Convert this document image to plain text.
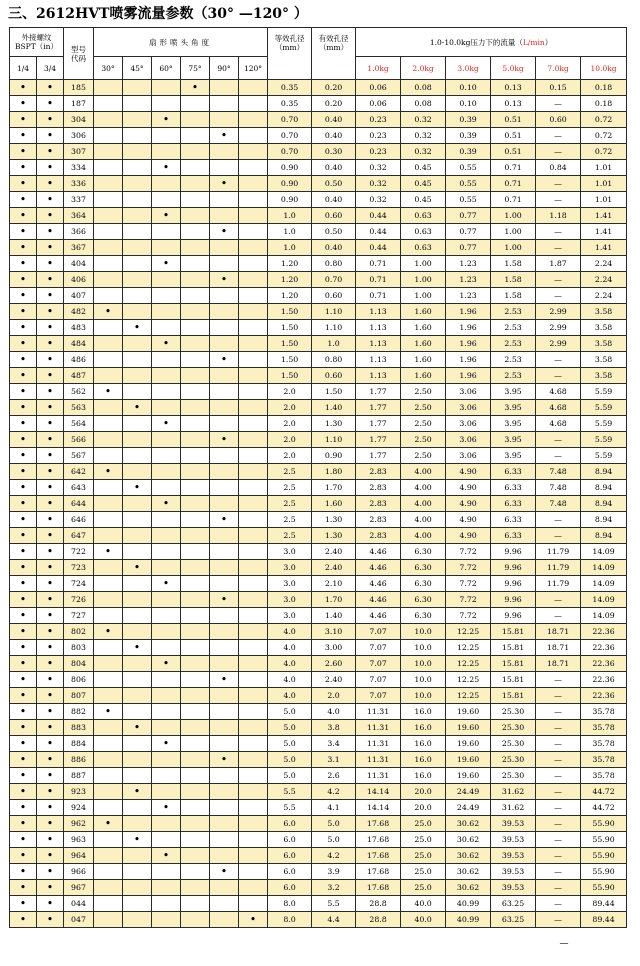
三、2612HVT喷雾流量参数（30° —120° ）
外接螺纹
BSPT（in）		型号
代码	扇形喷头角度						等效孔径
（mm）	有效孔径
（mm）	1.0-10.0kg压力下的流量（L/min）					
1/4	3/4		30°	45°	60°	75°	90°	120°			1.0kg	2.0kg	3.0kg	5.0kg	7.0kg	10.0kg
•	•	185				•			0.35	0.20	0.06	0.08	0.10	0.13	0.15	0.18
•	•	187							0.35	0.20	0.06	0.08	0.10	0.13	—	0.18
•	•	304			•				0.70	0.40	0.23	0.32	0.39	0.51	0.60	0.72
•	•	306					•		0.70	0.40	0.23	0.32	0.39	0.51	—	0.72
•	•	307							0.70	0.30	0.23	0.32	0.39	0.51	—	0.72
•	•	334			•				0.90	0.40	0.32	0.45	0.55	0.71	0.84	1.01
•	•	336					•		0.90	0.50	0.32	0.45	0.55	0.71	—	1.01
•	•	337							0.90	0.40	0.32	0.45	0.55	0.71	—	1.01
•	•	364			•				1.0	0.60	0.44	0.63	0.77	1.00	1.18	1.41
•	•	366					•		1.0	0.50	0.44	0.63	0.77	1.00	—	1.41
•	•	367							1.0	0.40	0.44	0.63	0.77	1.00	—	1.41
•	•	404			•				1.20	0.80	0.71	1.00	1.23	1.58	1.87	2.24
•	•	406					•		1.20	0.70	0.71	1.00	1.23	1.58	—	2.24
•	•	407							1.20	0.60	0.71	1.00	1.23	1.58	—	2.24
•	•	482	•						1.50	1.10	1.13	1.60	1.96	2.53	2.99	3.58
•	•	483		•					1.50	1.10	1.13	1.60	1.96	2.53	2.99	3.58
•	•	484			•				1.50	1.0	1.13	1.60	1.96	2.53	2.99	3.58
•	•	486					•		1.50	0.80	1.13	1.60	1.96	2.53	—	3.58
•	•	487							1.50	0.60	1.13	1.60	1.96	2.53	—	3.58
•	•	562	•						2.0	1.50	1.77	2.50	3.06	3.95	4.68	5.59
•	•	563		•					2.0	1.40	1.77	2.50	3.06	3.95	4.68	5.59
•	•	564			•				2.0	1.30	1.77	2.50	3.06	3.95	4.68	5.59
•	•	566					•		2.0	1.10	1.77	2.50	3.06	3.95	—	5.59
•	•	567							2.0	0.90	1.77	2.50	3.06	3.95	—	5.59
•	•	642	•						2.5	1.80	2.83	4.00	4.90	6.33	7.48	8.94
•	•	643		•					2.5	1.70	2.83	4.00	4.90	6.33	7.48	8.94
•	•	644			•				2.5	1.60	2.83	4.00	4.90	6.33	7.48	8.94
•	•	646					•		2.5	1.30	2.83	4.00	4.90	6.33	—	8.94
•	•	647							2.5	1.30	2.83	4.00	4.90	6.33	—	8.94
•	•	722	•						3.0	2.40	4.46	6.30	7.72	9.96	11.79	14.09
•	•	723		•					3.0	2.40	4.46	6.30	7.72	9.96	11.79	14.09
•	•	724			•				3.0	2.10	4.46	6.30	7.72	9.96	11.79	14.09
•	•	726					•		3.0	1.70	4.46	6.30	7.72	9.96	—	14.09
•	•	727							3.0	1.40	4.46	6.30	7.72	9.96	—	14.09
•	•	802	•						4.0	3.10	7.07	10.0	12.25	15.81	18.71	22.36
•	•	803		•					4.0	3.00	7.07	10.0	12.25	15.81	18.71	22.36
•	•	804			•				4.0	2.60	7.07	10.0	12.25	15.81	18.71	22.36
•	•	806					•		4.0	2.40	7.07	10.0	12.25	15.81	—	22.36
•	•	807							4.0	2.0	7.07	10.0	12.25	15.81	—	22.36
•	•	882	•						5.0	4.0	11.31	16.0	19.60	25.30	—	35.78
•	•	883		•					5.0	3.8	11.31	16.0	19.60	25.30	—	35.78
•	•	884			•				5.0	3.4	11.31	16.0	19.60	25.30	—	35.78
•	•	886					•		5.0	3.1	11.31	16.0	19.60	25.30	—	35.78
•	•	887							5.0	2.6	11.31	16.0	19.60	25.30	—	35.78
•	•	923		•					5.5	4.2	14.14	20.0	24.49	31.62	—	44.72
•	•	924			•				5.5	4.1	14.14	20.0	24.49	31.62	—	44.72
•	•	962	•						6.0	5.0	17.68	25.0	30.62	39.53	—	55.90
•	•	963		•					6.0	5.0	17.68	25.0	30.62	39.53	—	55.90
•	•	964			•				6.0	4.2	17.68	25.0	30.62	39.53	—	55.90
•	•	966					•		6.0	3.9	17.68	25.0	30.62	39.53	—	55.90
•	•	967							6.0	3.2	17.68	25.0	30.62	39.53	—	55.90
•	•	044							8.0	5.5	28.8	40.0	40.99	63.25	—	89.44
•	•	047						•	8.0	4.4	28.8	40.0	40.99	63.25	—	89.44
—
